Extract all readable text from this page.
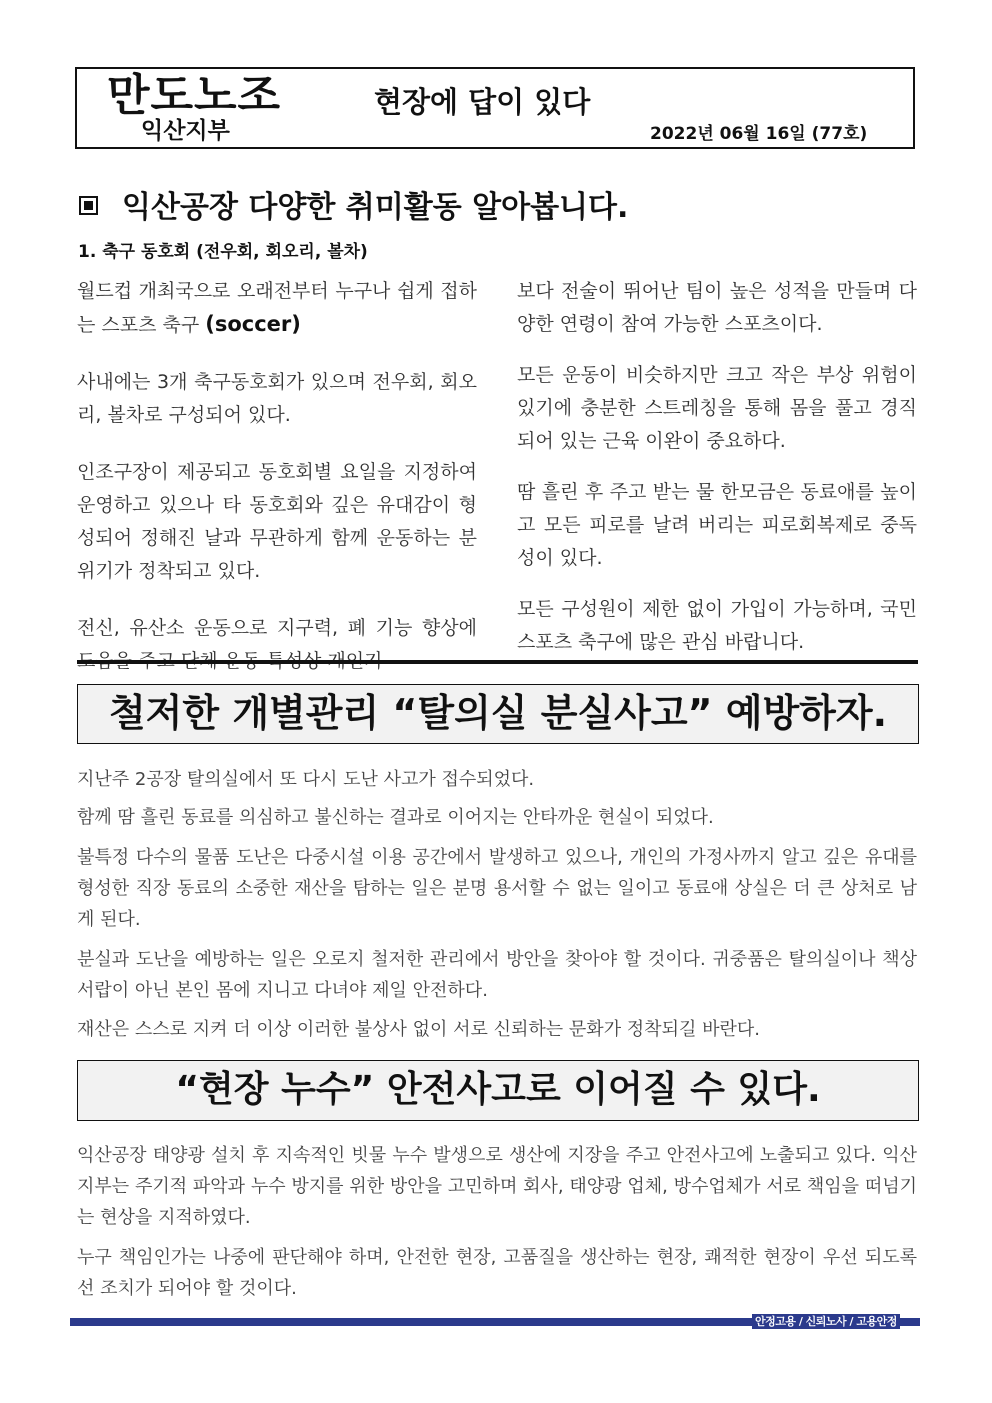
만도노조
익산지부
현장에 답이 있다
2022년 06월 16일 (77호)
익산공장 다양한 취미활동 알아봅니다.
1. 축구 동호회 (전우회, 회오리, 볼차)

월드컵 개최국으로 오래전부터 누구나 쉽게 접하는 스포츠 축구 (soccer)

사내에는 3개 축구동호회가 있으며 전우회, 회오리, 볼차로 구성되어 있다.

인조구장이 제공되고 동호회별 요일을 지정하여 운영하고 있으나 타 동호회와 깊은 유대감이 형성되어 정해진 날과 무관하게 함께 운동하는 분위기가 정착되고 있다.

전신, 유산소 운동으로 지구력, 폐 기능 향상에

보다 전술이 뛰어난 팀이 높은 성적을 만들며 다양한 연령이 참여 가능한 스포츠이다.

모든 운동이 비슷하지만 크고 작은 부상 위험이 있기에 충분한 스트레칭을 통해 몸을 풀고 경직되어 있는 근육 이완이 중요하다.

땀 흘린 후 주고 받는 물 한모금은 동료애를 높이고 모든 피로를 날려 버리는 피로회복제로 중독성이 있다.

모든 구성원이 제한 없이 가입이 가능하며, 국민 스포츠 축구에 많은 관심 바랍니다.

철저한 개별관리 “탈의실 분실사고” 예방하자.

지난주 2공장 탈의실에서 또 다시 도난 사고가 접수되었다.

함께 땀 흘린 동료를 의심하고 불신하는 결과로 이어지는 안타까운 현실이 되었다.

불특정 다수의 물품 도난은 다중시설 이용 공간에서 발생하고 있으나, 개인의 가정사까지 알고 깊은 유대를 형성한 직장 동료의 소중한 재산을 탐하는 일은 분명 용서할 수 없는 일이고 동료애 상실은 더 큰 상처로 남게 된다.

분실과 도난을 예방하는 일은 오로지 철저한 관리에서 방안을 찾아야 할 것이다. 귀중품은 탈의실이나 책상 서랍이 아닌 본인 몸에 지니고 다녀야 제일 안전하다.

재산은 스스로 지켜 더 이상 이러한 불상사 없이 서로 신뢰하는 문화가 정착되길 바란다.

“현장 누수” 안전사고로 이어질 수 있다.

익산공장 태양광 설치 후 지속적인 빗물 누수 발생으로 생산에 지장을 주고 안전사고에 노출되고 있다. 익산지부는 주기적 파악과 누수 방지를 위한 방안을 고민하며 회사, 태양광 업체, 방수업체가 서로 책임을 떠넘기는 현상을 지적하였다.

누구 책임인가는 나중에 판단해야 하며, 안전한 현장, 고품질을 생산하는 현장, 쾌적한 현장이 우선 되도록 선 조치가 되어야 할 것이다.

안정고용 / 신뢰노사 / 고용안정
